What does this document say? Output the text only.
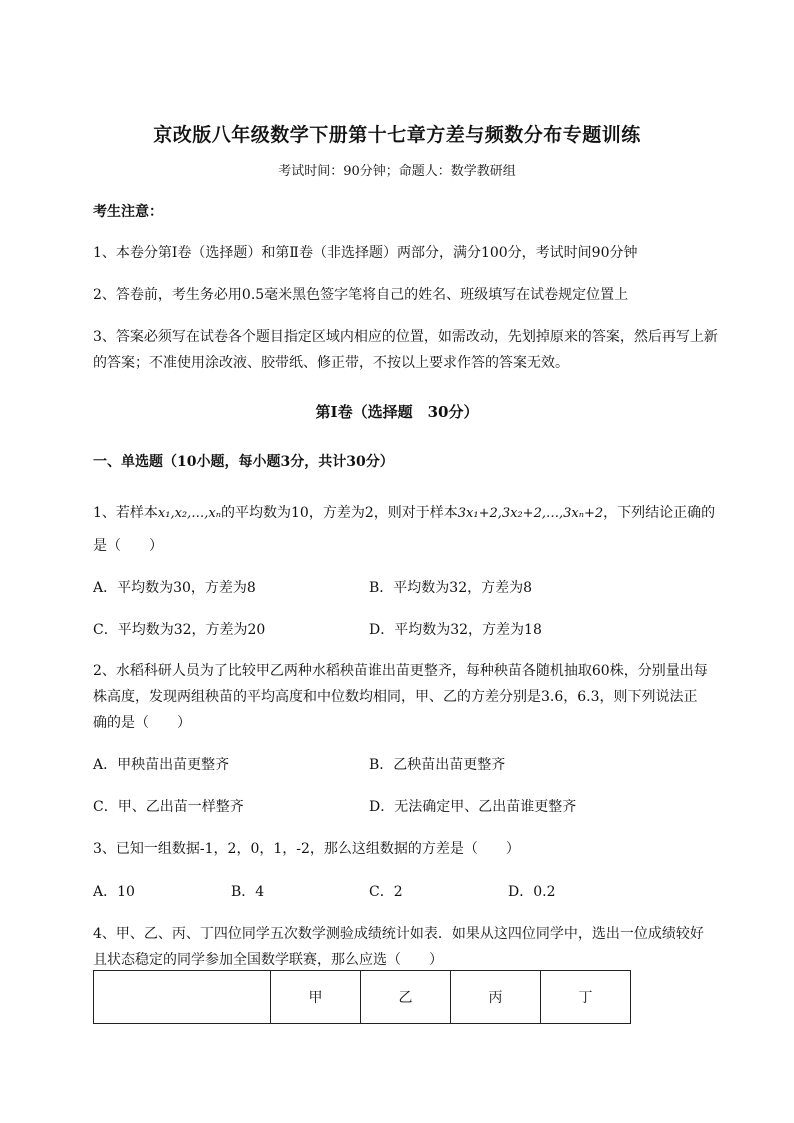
京改版八年级数学下册第十七章方差与频数分布专题训练
考试时间：90分钟；命题人：数学教研组
考生注意：
1、本卷分第I卷（选择题）和第Ⅱ卷（非选择题）两部分，满分100分，考试时间90分钟
2、答卷前，考生务必用0.5毫米黑色签字笔将自己的姓名、班级填写在试卷规定位置上
3、答案必须写在试卷各个题目指定区域内相应的位置，如需改动，先划掉原来的答案，然后再写上新
的答案；不准使用涂改液、胶带纸、修正带，不按以上要求作答的答案无效。
第I卷（选择题　30分）
一、单选题（10小题，每小题3分，共计30分）
1、若样本x₁,x₂,…,xₙ的平均数为10，方差为2，则对于样本3x₁+2,3x₂+2,…,3xₙ+2，下列结论正确的
是（　　）
A．平均数为30，方差为8	B．平均数为32，方差为8
C．平均数为32，方差为20	D．平均数为32，方差为18
2、水稻科研人员为了比较甲乙两种水稻秧苗谁出苗更整齐，每种秧苗各随机抽取60株，分别量出每
株高度，发现两组秧苗的平均高度和中位数均相同，甲、乙的方差分别是3.6，6.3，则下列说法正
确的是（　　）
A．甲秧苗出苗更整齐	B．乙秧苗出苗更整齐
C．甲、乙出苗一样整齐	D．无法确定甲、乙出苗谁更整齐
3、已知一组数据-1，2，0，1，-2，那么这组数据的方差是（　　）
A．10	B．4	C．2	D．0.2
4、甲、乙、丙、丁四位同学五次数学测验成绩统计如表．如果从这四位同学中，选出一位成绩较好
且状态稳定的同学参加全国数学联赛，那么应选（　　）
	甲	乙	丙	丁
